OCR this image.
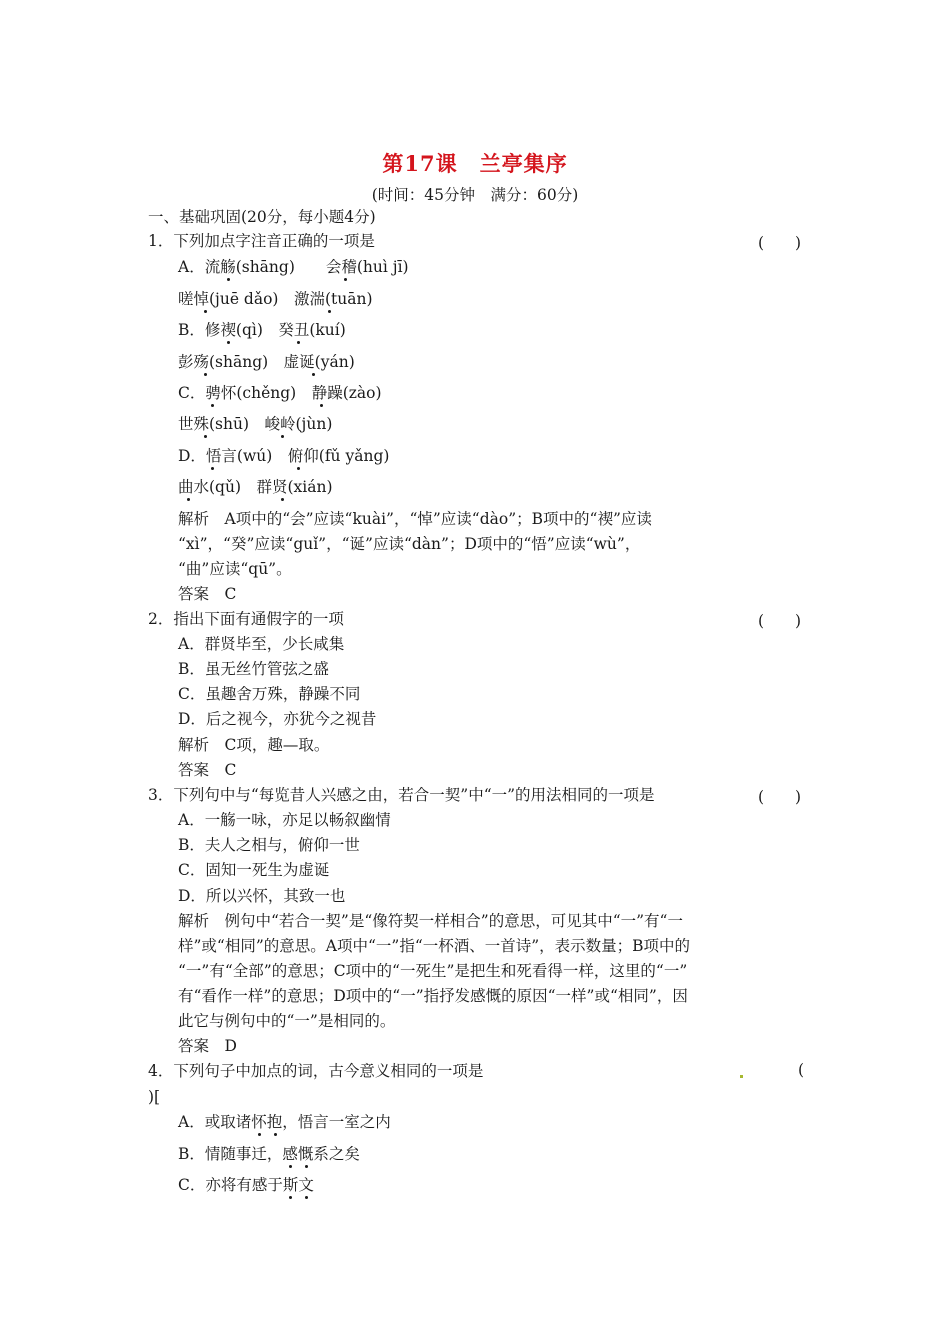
第17课　兰亭集序
(时间：45分钟　满分：60分)
一、基础巩固(20分，每小题4分)
1．下列加点字注音正确的一项是	(　　)
A．流觞(shāng)　　会稽(huì jī)
嗟悼(juē dǎo)　激湍(tuān)
B．修禊(qì)　癸丑(kuí)
彭殇(shāng)　虚诞(yán)
C．骋怀(chěng)　静躁(zào)
世殊(shū)　峻岭(jùn)
D．悟言(wú)　俯仰(fǔ yǎng)
曲水(qǔ)　群贤(xián)
解析　A项中的“会”应读“kuài”，“悼”应读“dào”；B项中的“禊”应读
“xì”，“癸”应读“guǐ”，“诞”应读“dàn”；D项中的“悟”应读“wù”，
“曲”应读“qū”。
答案　C
2．指出下面有通假字的一项	(　　)
A．群贤毕至，少长咸集
B．虽无丝竹管弦之盛
C．虽趣舍万殊，静躁不同
D．后之视今，亦犹今之视昔
解析　C项，趣—取。
答案　C
3．下列句中与“每览昔人兴感之由，若合一契”中“一”的用法相同的一项是	(　　)
A．一觞一咏，亦足以畅叙幽情
B．夫人之相与，俯仰一世
C．固知一死生为虚诞
D．所以兴怀，其致一也
解析　例句中“若合一契”是“像符契一样相合”的意思，可见其中“一”有“一
样”或“相同”的意思。A项中“一”指“一杯酒、一首诗”，表示数量；B项中的
“一”有“全部”的意思；C项中的“一死生”是把生和死看得一样，这里的“一”
有“看作一样”的意思；D项中的“一”指抒发感慨的原因“一样”或“相同”，因
此它与例句中的“一”是相同的。
答案　D
4．下列句子中加点的词，古今意义相同的一项是	(
)[
A．或取诸怀抱，悟言一室之内
B．情随事迁，感慨系之矣
C．亦将有感于斯文
